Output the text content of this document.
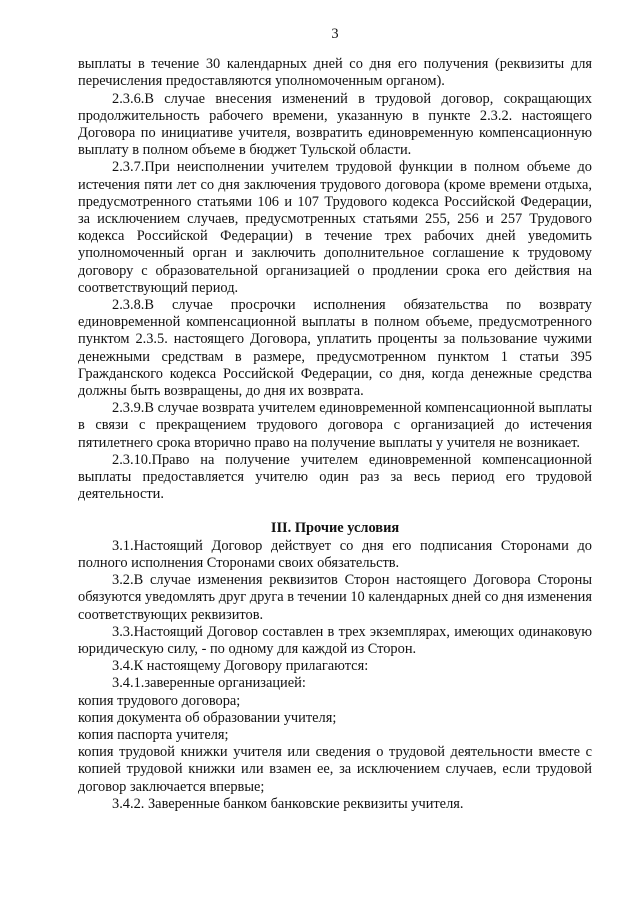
3

выплаты в течение 30 календарных дней со дня его получения (реквизиты для перечисления предоставляются уполномоченным органом).

2.3.6.В случае внесения изменений в трудовой договор, сокращающих продолжительность рабочего времени, указанную в пункте 2.3.2. настоящего Договора по инициативе учителя, возвратить единовременную компенсационную выплату в полном объеме в бюджет Тульской области.

2.3.7.При неисполнении учителем трудовой функции в полном объеме до истечения пяти лет со дня заключения трудового договора (кроме времени отдыха, предусмотренного статьями 106 и 107 Трудового кодекса Российской Федерации, за исключением случаев, предусмотренных статьями 255, 256 и 257 Трудового кодекса Российской Федерации) в течение трех рабочих дней уведомить уполномоченный орган и заключить дополнительное соглашение к трудовому договору с образовательной организацией о продлении срока его действия на соответствующий период.

2.3.8.В случае просрочки исполнения обязательства по возврату единовременной компенсационной выплаты в полном объеме, предусмотренного пунктом 2.3.5. настоящего Договора, уплатить проценты за пользование чужими денежными средствам в размере, предусмотренном пунктом 1 статьи 395 Гражданского кодекса Российской Федерации, со дня, когда денежные средства должны быть возвращены, до дня их возврата.

2.3.9.В случае возврата учителем единовременной компенсационной выплаты в связи с прекращением трудового договора с организацией до истечения пятилетнего срока вторично право на получение выплаты у учителя не возникает.

2.3.10.Право на получение учителем единовременной компенсационной выплаты предоставляется учителю один раз за весь период его трудовой деятельности.

III. Прочие условия

3.1.Настоящий Договор действует со дня его подписания Сторонами до полного исполнения Сторонами своих обязательств.

3.2.В случае изменения реквизитов Сторон настоящего Договора Стороны обязуются уведомлять друг друга в течении 10 календарных дней со дня изменения соответствующих реквизитов.

3.3.Настоящий Договор составлен в трех экземплярах, имеющих одинаковую юридическую силу, - по одному для каждой из Сторон.

3.4.К настоящему Договору прилагаются:

3.4.1.заверенные организацией:

копия трудового договора;

копия документа об образовании учителя;

копия паспорта учителя;

копия трудовой книжки учителя или сведения о трудовой деятельности вместе с копией трудовой книжки или взамен ее, за исключением случаев, если трудовой договор заключается впервые;

3.4.2. Заверенные банком банковские реквизиты учителя.
